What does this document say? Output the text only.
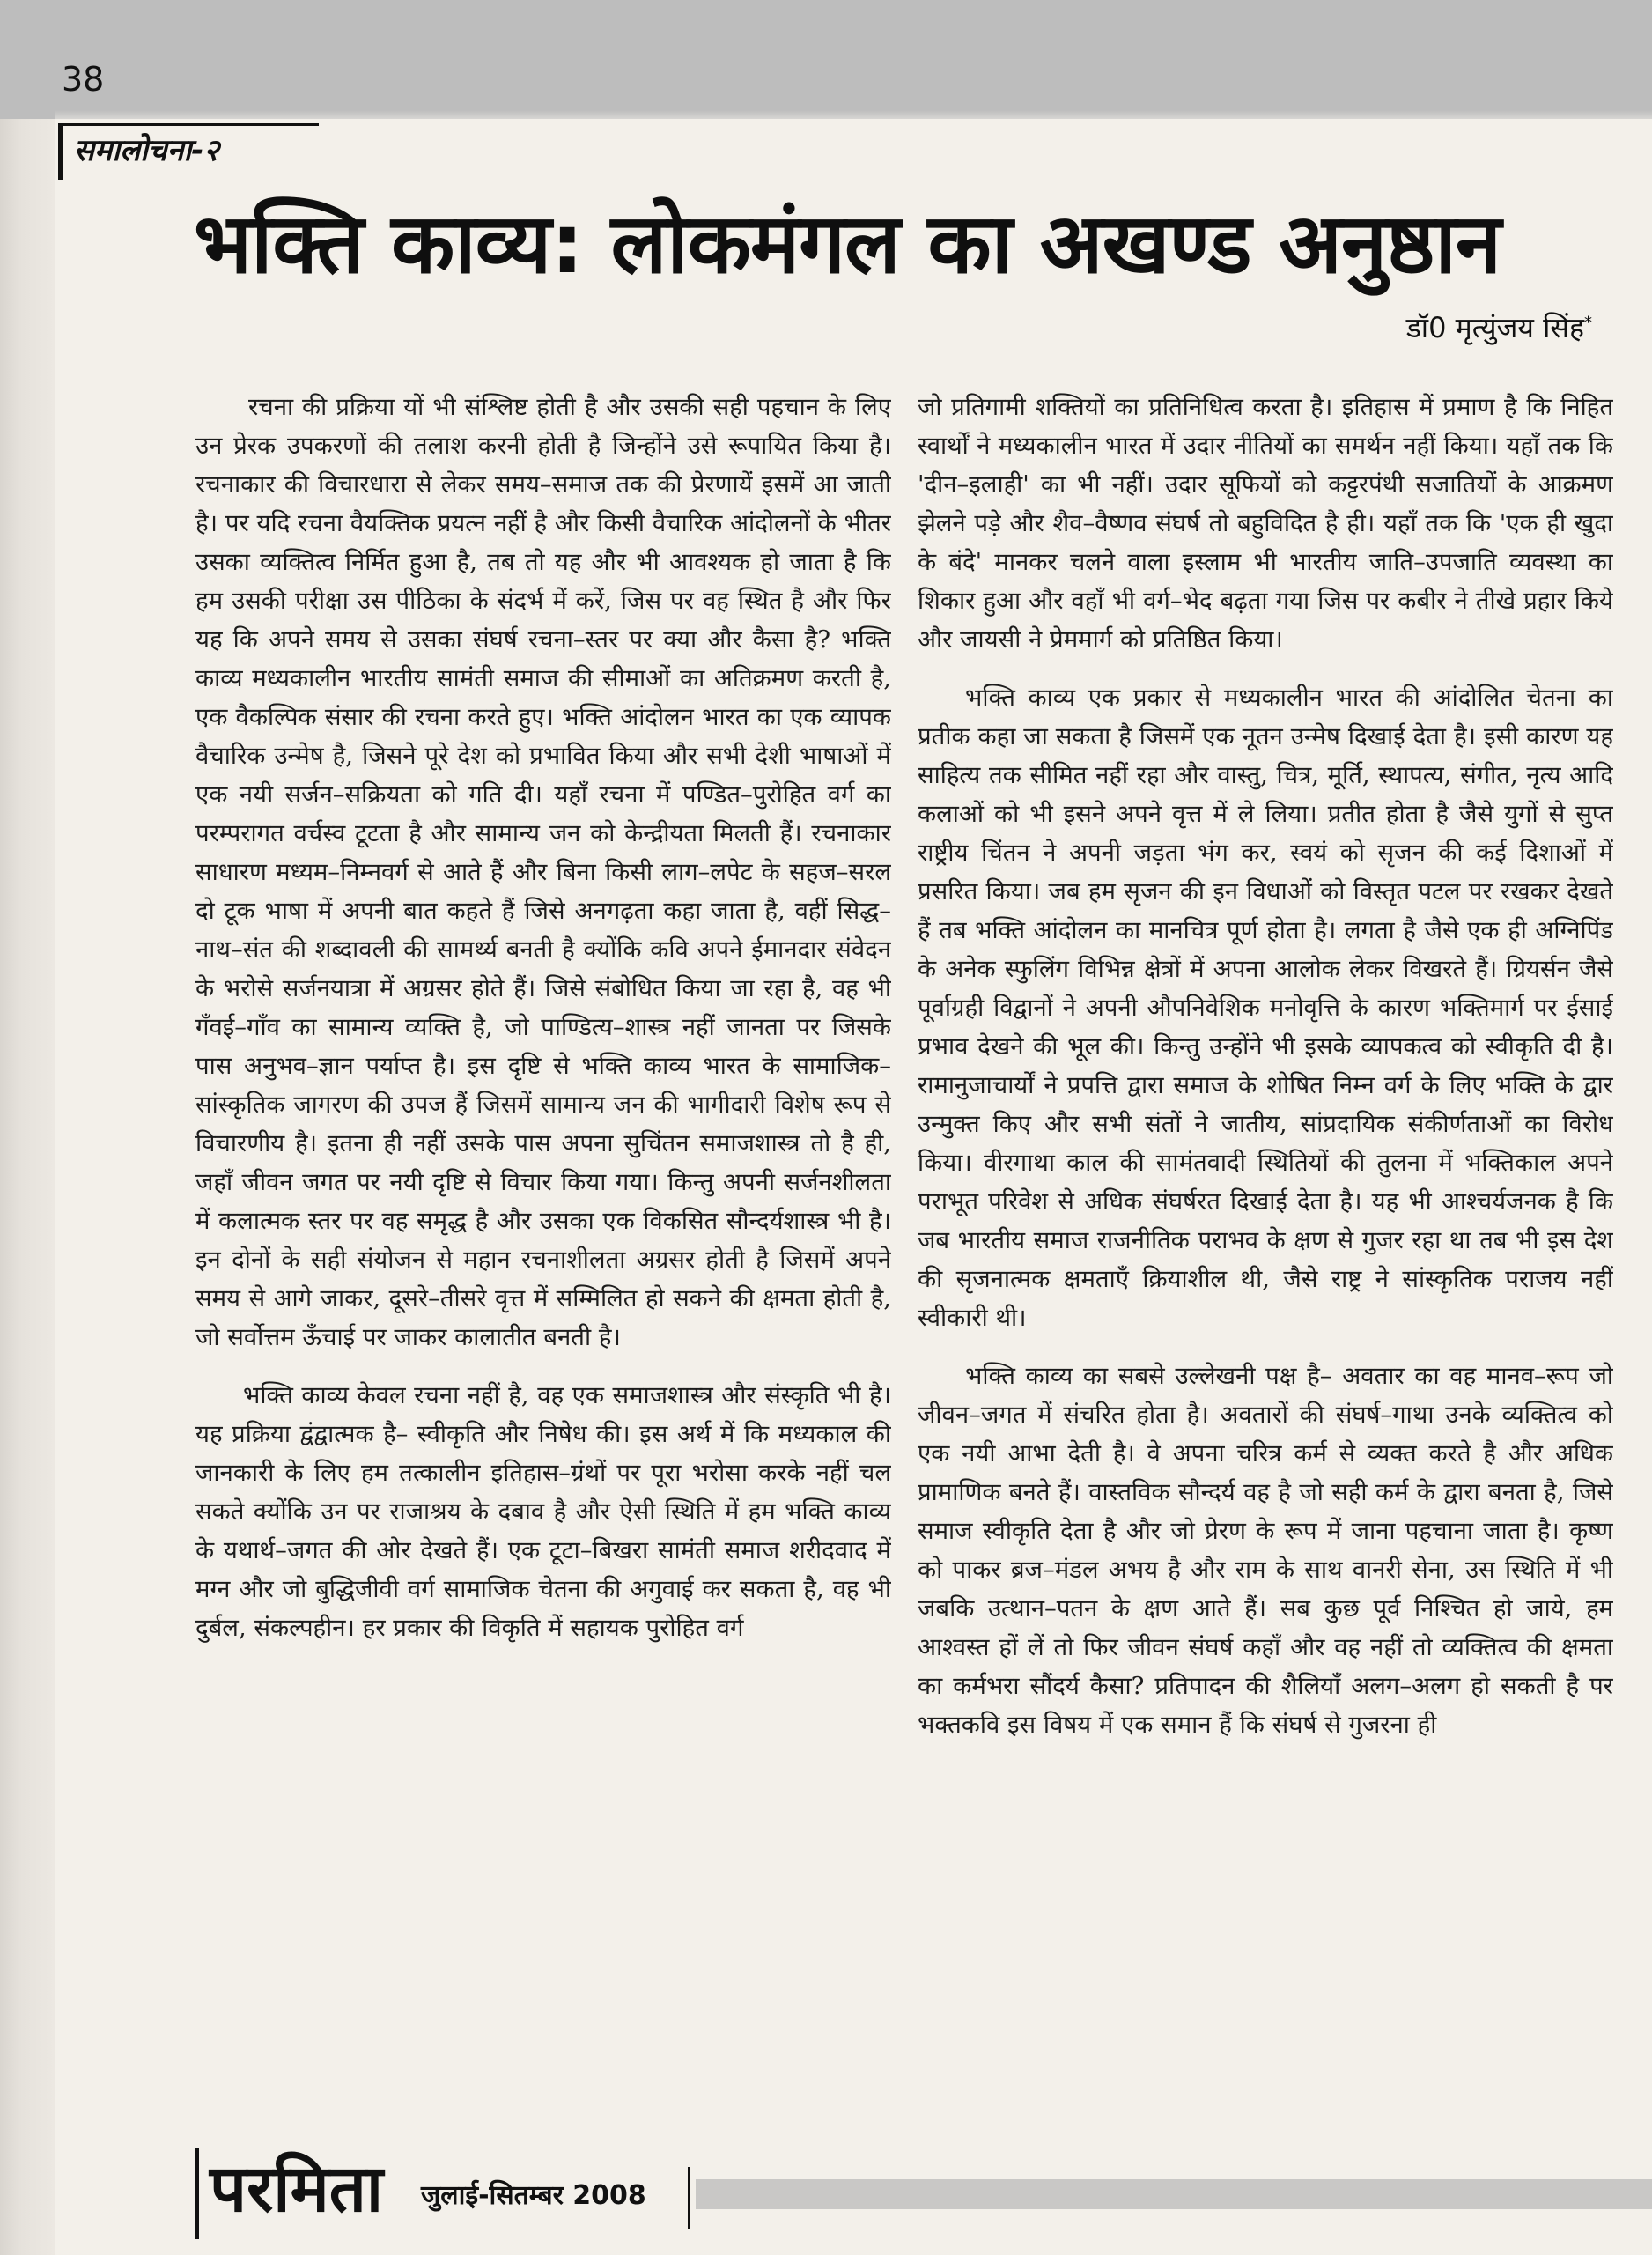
38
समालोचना-२
भक्ति काव्य: लोकमंगल का अखण्ड अनुष्ठान
डॉ0 मृत्युंजय सिंह*

रचना की प्रक्रिया यों भी संश्लिष्ट होती है और उसकी सही पहचान के लिए उन प्रेरक उपकरणों की तलाश करनी होती है जिन्होंने उसे रूपायित किया है। रचनाकार की विचारधारा से लेकर समय–समाज तक की प्रेरणायें इसमें आ जाती है। पर यदि रचना वैयक्तिक प्रयत्न नहीं है और किसी वैचारिक आंदोलनों के भीतर उसका व्यक्तित्व निर्मित हुआ है, तब तो यह और भी आवश्यक हो जाता है कि हम उसकी परीक्षा उस पीठिका के संदर्भ में करें, जिस पर वह स्थित है और फिर यह कि अपने समय से उसका संघर्ष रचना–स्तर पर क्या और कैसा है? भक्ति काव्य मध्यकालीन भारतीय सामंती समाज की सीमाओं का अतिक्रमण करती है, एक वैकल्पिक संसार की रचना करते हुए। भक्ति आंदोलन भारत का एक व्यापक वैचारिक उन्मेष है, जिसने पूरे देश को प्रभावित किया और सभी देशी भाषाओं में एक नयी सर्जन–सक्रियता को गति दी। यहाँ रचना में पण्डित–पुरोहित वर्ग का परम्परागत वर्चस्व टूटता है और सामान्य जन को केन्द्रीयता मिलती हैं। रचनाकार साधारण मध्यम–निम्नवर्ग से आते हैं और बिना किसी लाग–लपेट के सहज–सरल दो टूक भाषा में अपनी बात कहते हैं जिसे अनगढ़ता कहा जाता है, वहीं सिद्ध–नाथ–संत की शब्दावली की सामर्थ्य बनती है क्योंकि कवि अपने ईमानदार संवेदन के भरोसे सर्जनयात्रा में अग्रसर होते हैं। जिसे संबोधित किया जा रहा है, वह भी गँवई–गाँव का सामान्य व्यक्ति है, जो पाण्डित्य–शास्त्र नहीं जानता पर जिसके पास अनुभव–ज्ञान पर्याप्त है। इस दृष्टि से भक्ति काव्य भारत के सामाजिक–सांस्कृतिक जागरण की उपज हैं जिसमें सामान्य जन की भागीदारी विशेष रूप से विचारणीय है। इतना ही नहीं उसके पास अपना सुचिंतन समाजशास्त्र तो है ही, जहाँ जीवन जगत पर नयी दृष्टि से विचार किया गया। किन्तु अपनी सर्जनशीलता में कलात्मक स्तर पर वह समृद्ध है और उसका एक विकसित सौन्दर्यशास्त्र भी है। इन दोनों के सही संयोजन से महान रचनाशीलता अग्रसर होती है जिसमें अपने समय से आगे जाकर, दूसरे–तीसरे वृत्त में सम्मिलित हो सकने की क्षमता होती है, जो सर्वोत्तम ऊँचाई पर जाकर कालातीत बनती है।

भक्ति काव्य केवल रचना नहीं है, वह एक समाजशास्त्र और संस्कृति भी है। यह प्रक्रिया द्वंद्वात्मक है– स्वीकृति और निषेध की। इस अर्थ में कि मध्यकाल की जानकारी के लिए हम तत्कालीन इतिहास–ग्रंथों पर पूरा भरोसा करके नहीं चल सकते क्योंकि उन पर राजाश्रय के दबाव है और ऐसी स्थिति में हम भक्ति काव्य के यथार्थ–जगत की ओर देखते हैं। एक टूटा–बिखरा सामंती समाज शरीदवाद में मग्न और जो बुद्धिजीवी वर्ग सामाजिक चेतना की अगुवाई कर सकता है, वह भी दुर्बल, संकल्पहीन। हर प्रकार की विकृति में सहायक पुरोहित वर्ग

जो प्रतिगामी शक्तियों का प्रतिनिधित्व करता है। इतिहास में प्रमाण है कि निहित स्वार्थों ने मध्यकालीन भारत में उदार नीतियों का समर्थन नहीं किया। यहाँ तक कि 'दीन–इलाही' का भी नहीं। उदार सूफियों को कट्टरपंथी सजातियों के आक्रमण झेलने पड़े और शैव–वैष्णव संघर्ष तो बहुविदित है ही। यहाँ तक कि 'एक ही खुदा के बंदे' मानकर चलने वाला इस्लाम भी भारतीय जाति–उपजाति व्यवस्था का शिकार हुआ और वहाँ भी वर्ग–भेद बढ़ता गया जिस पर कबीर ने तीखे प्रहार किये और जायसी ने प्रेममार्ग को प्रतिष्ठित किया।

भक्ति काव्य एक प्रकार से मध्यकालीन भारत की आंदोलित चेतना का प्रतीक कहा जा सकता है जिसमें एक नूतन उन्मेष दिखाई देता है। इसी कारण यह साहित्य तक सीमित नहीं रहा और वास्तु, चित्र, मूर्ति, स्थापत्य, संगीत, नृत्य आदि कलाओं को भी इसने अपने वृत्त में ले लिया। प्रतीत होता है जैसे युगों से सुप्त राष्ट्रीय चिंतन ने अपनी जड़ता भंग कर, स्वयं को सृजन की कई दिशाओं में प्रसरित किया। जब हम सृजन की इन विधाओं को विस्तृत पटल पर रखकर देखते हैं तब भक्ति आंदोलन का मानचित्र पूर्ण होता है। लगता है जैसे एक ही अग्निपिंड के अनेक स्फुलिंग विभिन्न क्षेत्रों में अपना आलोक लेकर विखरते हैं। ग्रियर्सन जैसे पूर्वाग्रही विद्वानों ने अपनी औपनिवेशिक मनोवृत्ति के कारण भक्तिमार्ग पर ईसाई प्रभाव देखने की भूल की। किन्तु उन्होंने भी इसके व्यापकत्व को स्वीकृति दी है। रामानुजाचार्यों ने प्रपत्ति द्वारा समाज के शोषित निम्न वर्ग के लिए भक्ति के द्वार उन्मुक्त किए और सभी संतों ने जातीय, सांप्रदायिक संकीर्णताओं का विरोध किया। वीरगाथा काल की सामंतवादी स्थितियों की तुलना में भक्तिकाल अपने पराभूत परिवेश से अधिक संघर्षरत दिखाई देता है। यह भी आश्चर्यजनक है कि जब भारतीय समाज राजनीतिक पराभव के क्षण से गुजर रहा था तब भी इस देश की सृजनात्मक क्षमताएँ क्रियाशील थी, जैसे राष्ट्र ने सांस्कृतिक पराजय नहीं स्वीकारी थी।

भक्ति काव्य का सबसे उल्लेखनी पक्ष है– अवतार का वह मानव–रूप जो जीवन–जगत में संचरित होता है। अवतारों की संघर्ष–गाथा उनके व्यक्तित्व को एक नयी आभा देती है। वे अपना चरित्र कर्म से व्यक्त करते है और अधिक प्रामाणिक बनते हैं। वास्तविक सौन्दर्य वह है जो सही कर्म के द्वारा बनता है, जिसे समाज स्वीकृति देता है और जो प्रेरण के रूप में जाना पहचाना जाता है। कृष्ण को पाकर ब्रज–मंडल अभय है और राम के साथ वानरी सेना, उस स्थिति में भी जबकि उत्थान–पतन के क्षण आते हैं। सब कुछ पूर्व निश्चित हो जाये, हम आश्वस्त हों लें तो फिर जीवन संघर्ष कहाँ और वह नहीं तो व्यक्तित्व की क्षमता का कर्मभरा सौंदर्य कैसा? प्रतिपादन की शैलियाँ अलग–अलग हो सकती है पर भक्तकवि इस विषय में एक समान हैं कि संघर्ष से गुजरना ही

परमिता जुलाई-सितम्बर 2008
